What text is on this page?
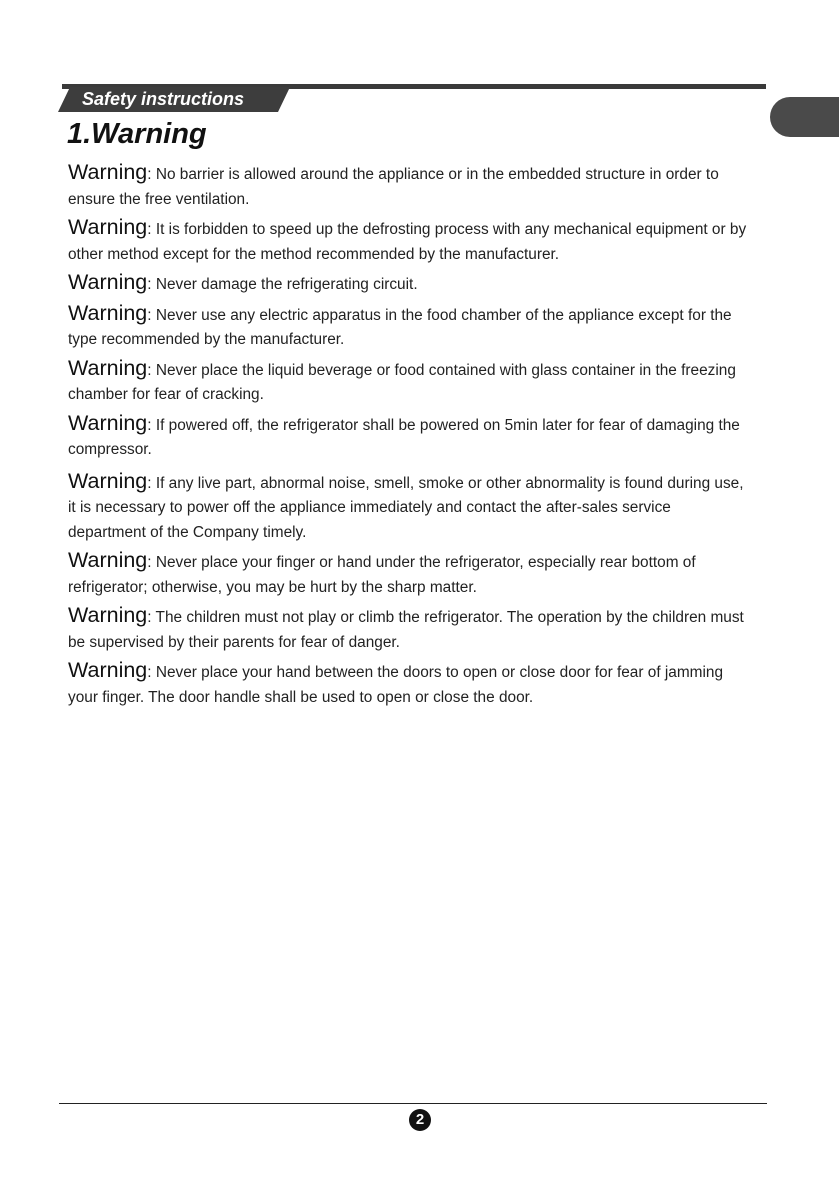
Safety instructions
1.Warning

Warning: No barrier is allowed around the appliance or in the embedded structure in order to ensure the free ventilation.

Warning: It is forbidden to speed up the defrosting process with any mechanical equipment or by other method except for the method recommended by the manufacturer.

Warning: Never damage the refrigerating circuit.

Warning: Never use any electric apparatus in the food chamber of the appliance except for the type recommended by the manufacturer.

Warning: Never place the liquid beverage or food contained with glass container in the freezing chamber for fear of cracking.

Warning: If powered off, the refrigerator shall be powered on 5min later for fear of damaging the compressor.

Warning: If any live part, abnormal noise, smell, smoke or other abnormality is found during use, it is necessary to power off the appliance immediately and contact the after-sales service department of the Company timely.

Warning: Never place your finger or hand under the refrigerator, especially rear bottom of refrigerator; otherwise, you may be hurt by the sharp matter.

Warning: The children must not play or climb the refrigerator. The operation by the children must be supervised by their parents for fear of danger.

Warning: Never place your hand between the doors to open or close door for fear of jamming your finger. The door handle shall be used to open or close the door.

2
